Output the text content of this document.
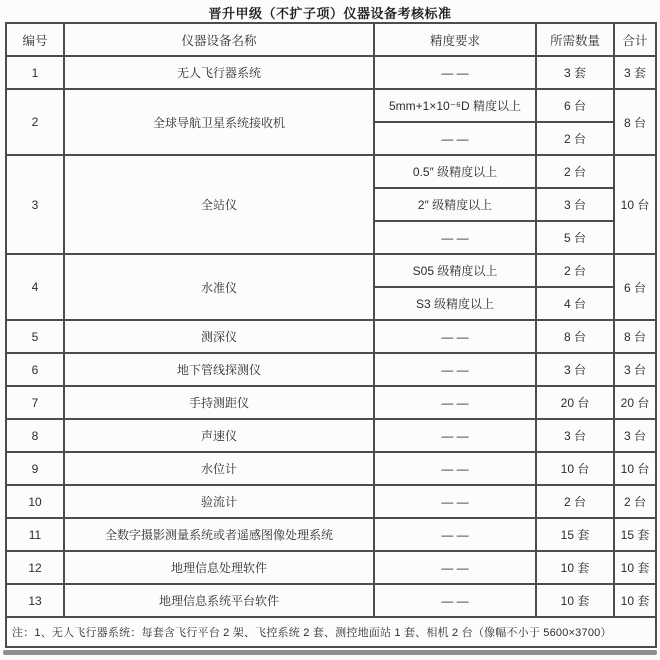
晋升甲级（不扩子项）仪器设备考核标准
编号	仪器设备名称	精度要求	所需数量	合计
1	无人飞行器系统	— —	3 套	3 套
2	全球导航卫星系统接收机	5mm+1×10⁻⁶D 精度以上	6 台	8 台
		— —	2 台	
3	全站仪	0.5″ 级精度以上	2 台	10 台
		2″ 级精度以上	3 台	
		— —	5 台	
4	水准仪	S05 级精度以上	2 台	6 台
		S3 级精度以上	4 台	
5	测深仪	— —	8 台	8 台
6	地下管线探测仪	— —	3 台	3 台
7	手持测距仪	— —	20 台	20 台
8	声速仪	— —	3 台	3 台
9	水位计	— —	10 台	10 台
10	验流计	— —	2 台	2 台
11	全数字摄影测量系统或者遥感图像处理系统	— —	15 套	15 套
12	地理信息处理软件	— —	10 套	10 套
13	地理信息系统平台软件	— —	10 套	10 套
注：1、无人飞行器系统：每套含飞行平台 2 架、飞控系统 2 套、测控地面站 1 套、相机 2 台（像幅不小于 5600×3700）				
